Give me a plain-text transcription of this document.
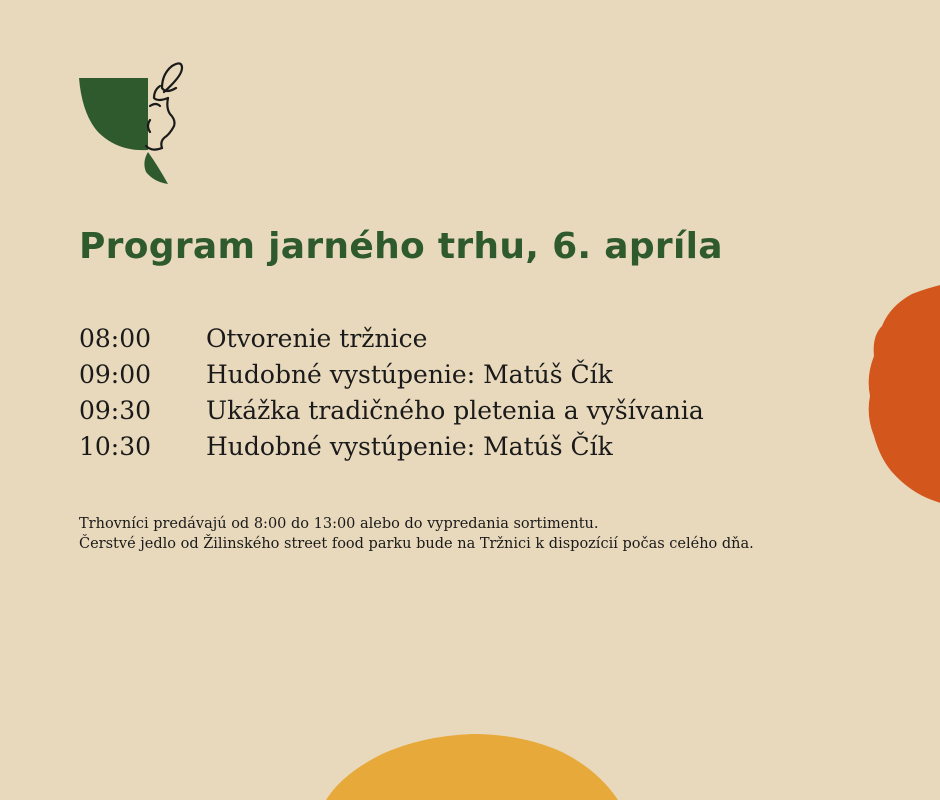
Program jarného trhu, 6. apríla
08:00	Otvorenie tržnice
09:00	Hudobné vystúpenie: Matúš Čík
09:30	Ukážka tradičného pletenia a vyšívania
10:30	Hudobné vystúpenie: Matúš Čík
Trhovníci predávajú od 8:00 do 13:00 alebo do vypredania sortimentu.
Čerstvé jedlo od Žilinského street food parku bude na Tržnici k dispozícií počas celého dňa.
